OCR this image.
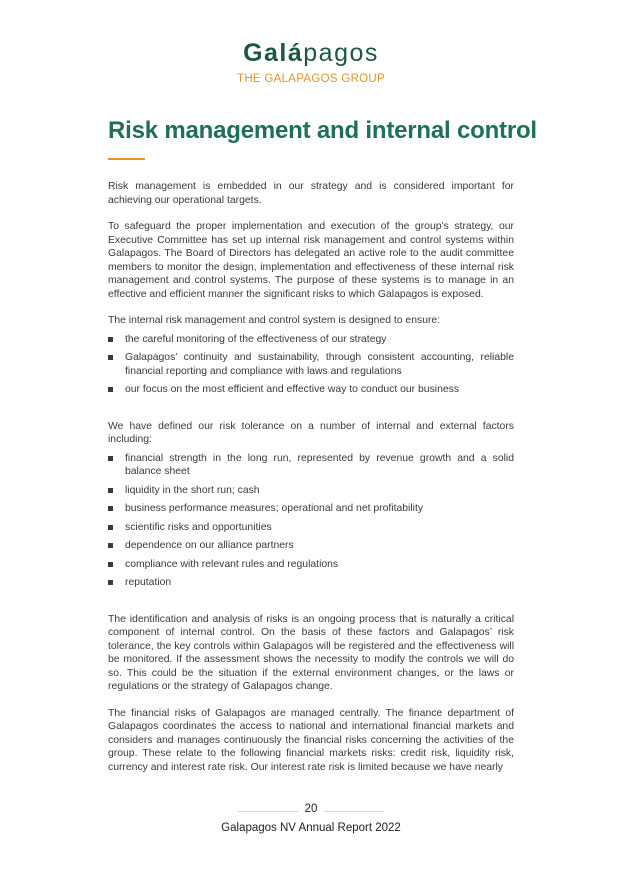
Galápagos
THE GALAPAGOS GROUP
Risk management and internal control

Risk management is embedded in our strategy and is considered important for achieving our operational targets.

To safeguard the proper implementation and execution of the group’s strategy, our Executive Committee has set up internal risk management and control systems within Galapagos. The Board of Directors has delegated an active role to the audit committee members to monitor the design, implementation and effectiveness of these internal risk management and control systems. The purpose of these systems is to manage in an effective and efficient manner the significant risks to which Galapagos is exposed.

The internal risk management and control system is designed to ensure:

the careful monitoring of the effectiveness of our strategy
Galapagos’ continuity and sustainability, through consistent accounting, reliable financial reporting and compliance with laws and regulations
our focus on the most efficient and effective way to conduct our business

We have defined our risk tolerance on a number of internal and external factors including:

financial strength in the long run, represented by revenue growth and a solid balance sheet
liquidity in the short run; cash
business performance measures; operational and net profitability
scientific risks and opportunities
dependence on our alliance partners
compliance with relevant rules and regulations
reputation

The identification and analysis of risks is an ongoing process that is naturally a critical component of internal control. On the basis of these factors and Galapagos’ risk tolerance, the key controls within Galapagos will be registered and the effectiveness will be monitored. If the assessment shows the necessity to modify the controls we will do so. This could be the situation if the external environment changes, or the laws or regulations or the strategy of Galapagos change.

The financial risks of Galapagos are managed centrally. The finance department of Galapagos coordinates the access to national and international financial markets and considers and manages continuously the financial risks concerning the activities of the group. These relate to the following financial markets risks: credit risk, liquidity risk, currency and interest rate risk. Our interest rate risk is limited because we have nearly

20
Galapagos NV Annual Report 2022
